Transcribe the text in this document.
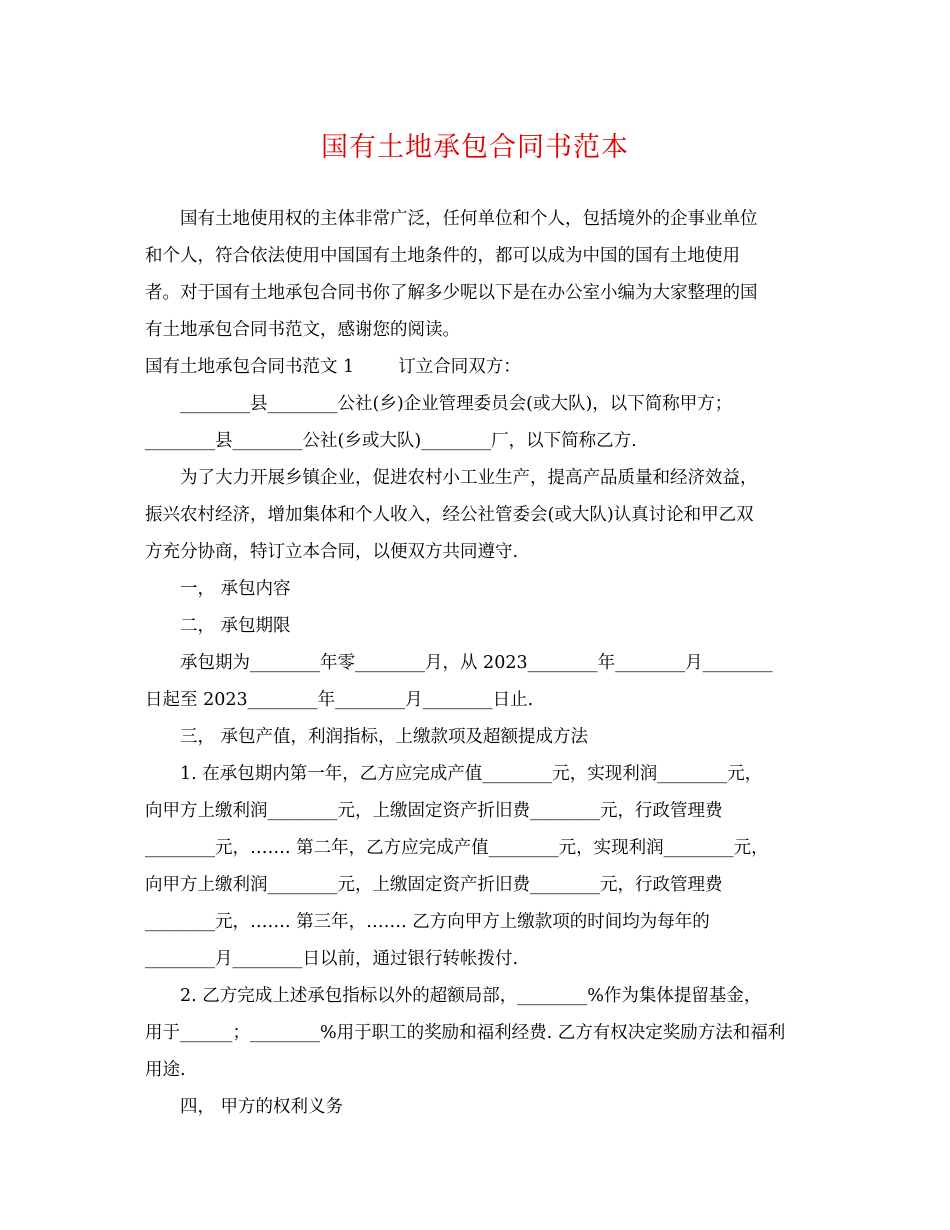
国有土地承包合同书范本
　　国有土地使用权的主体非常广泛，任何单位和个人，包括境外的企事业单位
和个人，符合依法使用中国国有土地条件的，都可以成为中国的国有土地使用
者。对于国有土地承包合同书你了解多少呢以下是在办公室小编为大家整理的国
有土地承包合同书范文，感谢您的阅读。
国有土地承包合同书范文 1	订立合同双方：
　　________县________公社(乡)企业管理委员会(或大队)，以下简称甲方；
________县________公社(乡或大队)________厂，以下简称乙方.
　　为了大力开展乡镇企业，促进农村小工业生产，提高产品质量和经济效益，
振兴农村经济，增加集体和个人收入，经公社管委会(或大队)认真讨论和甲乙双
方充分协商，特订立本合同，以便双方共同遵守.
　　一， 承包内容
　　二， 承包期限
　　承包期为________年零________月，从 2023________年________月________
日起至 2023________年________月________日止.
　　三， 承包产值，利润指标，上缴款项及超额提成方法
　　1. 在承包期内第一年，乙方应完成产值________元，实现利润________元，
向甲方上缴利润________元，上缴固定资产折旧费________元，行政管理费
________元，……. 第二年，乙方应完成产值________元，实现利润________元，
向甲方上缴利润________元，上缴固定资产折旧费________元，行政管理费
________元，……. 第三年，……. 乙方向甲方上缴款项的时间均为每年的
________月________日以前，通过银行转帐拨付.
　　2. 乙方完成上述承包指标以外的超额局部，________%作为集体提留基金，
用于______；________%用于职工的奖励和福利经费. 乙方有权决定奖励方法和福利
用途.
　　四， 甲方的权利义务
